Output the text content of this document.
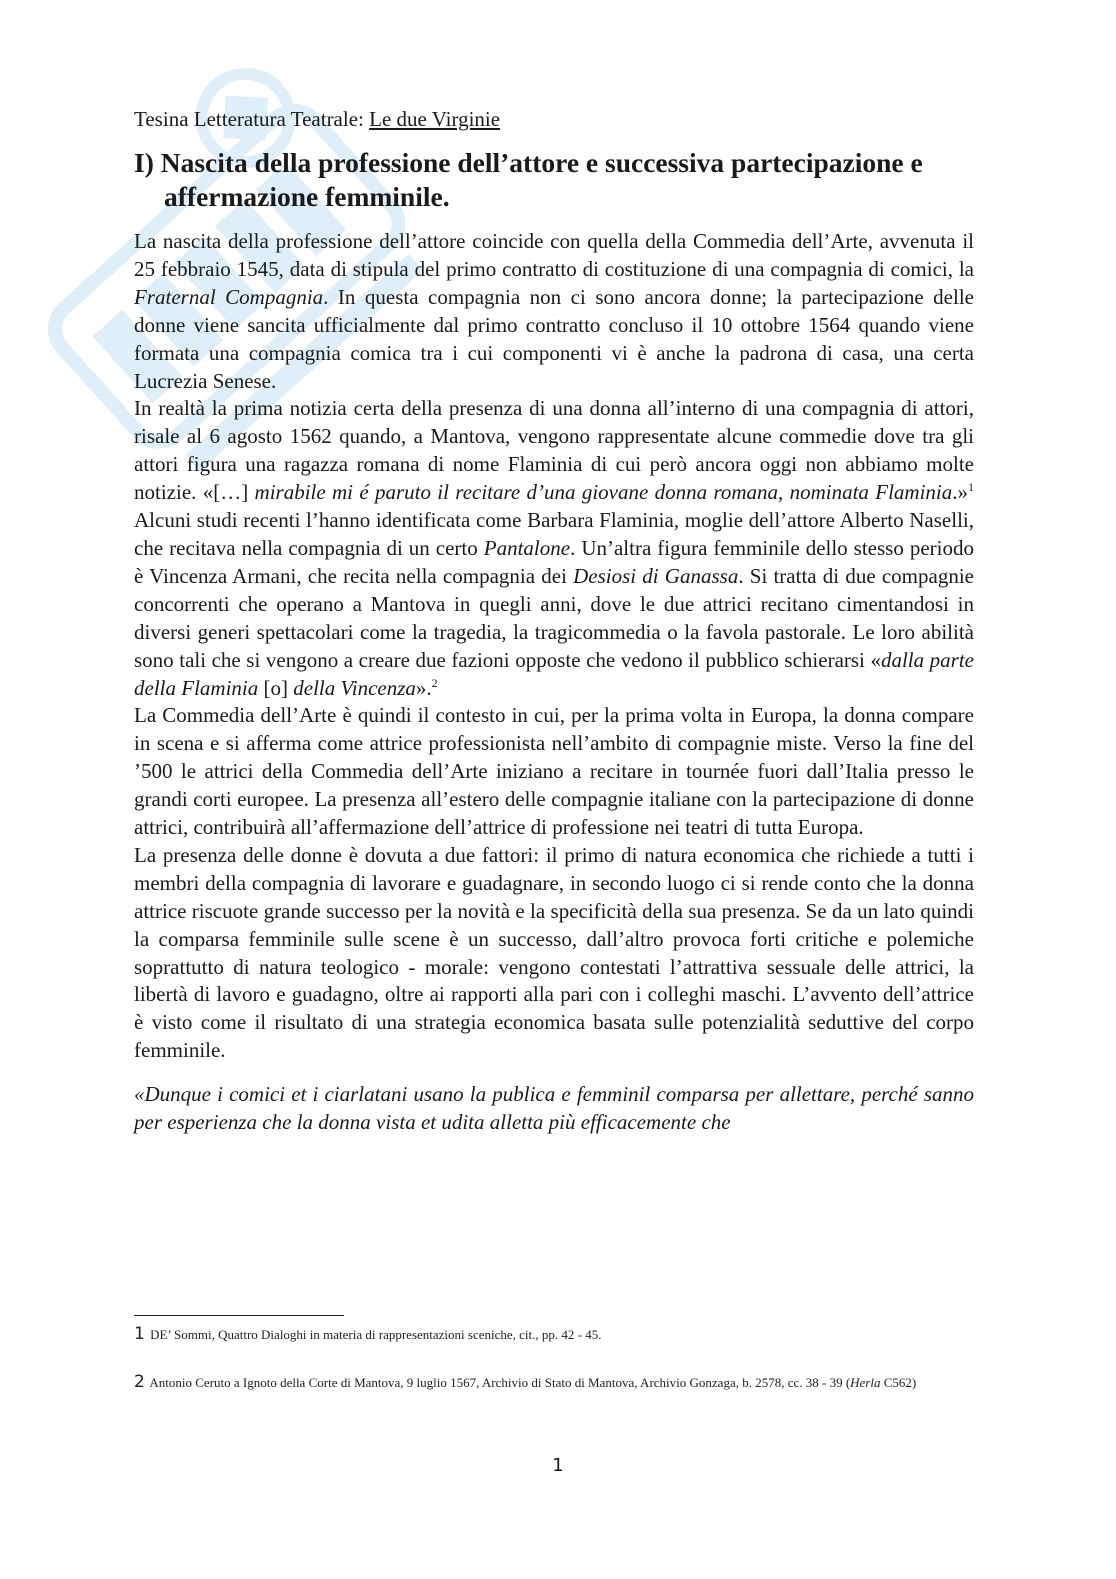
Tesina Letteratura Teatrale: Le due Virginie

I) Nascita della professione dell’attore e successiva partecipazione e affermazione femminile.

La nascita della professione dell’attore coincide con quella della Commedia dell’Arte, avvenuta il 25 febbraio 1545, data di stipula del primo contratto di costituzione di una compagnia di comici, la Fraternal Compagnia. In questa compagnia non ci sono ancora donne; la partecipazione delle donne viene sancita ufficialmente dal primo contratto concluso il 10 ottobre 1564 quando viene formata una compagnia comica tra i cui componenti vi è anche la padrona di casa, una certa Lucrezia Senese.

In realtà la prima notizia certa della presenza di una donna all’interno di una compagnia di attori, risale al 6 agosto 1562 quando, a Mantova, vengono rappresentate alcune commedie dove tra gli attori figura una ragazza romana di nome Flaminia di cui però ancora oggi non abbiamo molte notizie. «[…] mirabile mi é paruto il recitare d’una giovane donna romana, nominata Flaminia.»$^1$ Alcuni studi recenti l’hanno identificata come Barbara Flaminia, moglie dell’attore Alberto Naselli, che recitava nella compagnia di un certo Pantalone. Un’altra figura femminile dello stesso periodo è Vincenza Armani, che recita nella compagnia dei Desiosi di Ganassa. Si tratta di due compagnie concorrenti che operano a Mantova in quegli anni, dove le due attrici recitano cimentandosi in diversi generi spettacolari come la tragedia, la tragicommedia o la favola pastorale. Le loro abilità sono tali che si vengono a creare due fazioni opposte che vedono il pubblico schierarsi «dalla parte della Flaminia [o] della Vincenza».$^2$

La Commedia dell’Arte è quindi il contesto in cui, per la prima volta in Europa, la donna compare in scena e si afferma come attrice professionista nell’ambito di compagnie miste. Verso la fine del ’500 le attrici della Commedia dell’Arte iniziano a recitare in tournée fuori dall’Italia presso le grandi corti europee. La presenza all’estero delle compagnie italiane con la partecipazione di donne attrici, contribuirà all’affermazione dell’attrice di professione nei teatri di tutta Europa.

La presenza delle donne è dovuta a due fattori: il primo di natura economica che richiede a tutti i membri della compagnia di lavorare e guadagnare, in secondo luogo ci si rende conto che la donna attrice riscuote grande successo per la novità e la specificità della sua presenza. Se da un lato quindi la comparsa femminile sulle scene è un successo, dall’altro provoca forti critiche e polemiche soprattutto di natura teologico - morale: vengono contestati l’attrattiva sessuale delle attrici, la libertà di lavoro e guadagno, oltre ai rapporti alla pari con i colleghi maschi. L’avvento dell’attrice è visto come il risultato di una strategia economica basata sulle potenzialità seduttive del corpo femminile.

«Dunque i comici et i ciarlatani usano la publica e femminil comparsa per allettare, perché sanno per esperienza che la donna vista et udita alletta più efficacemente che

1 DE’ Sommi, Quattro Dialoghi in materia di rappresentazioni sceniche, cit., pp. 42 - 45.
2 Antonio Ceruto a Ignoto della Corte di Mantova, 9 luglio 1567, Archivio di Stato di Mantova, Archivio Gonzaga, b. 2578, cc. 38 - 39 (Herla C562)
1
